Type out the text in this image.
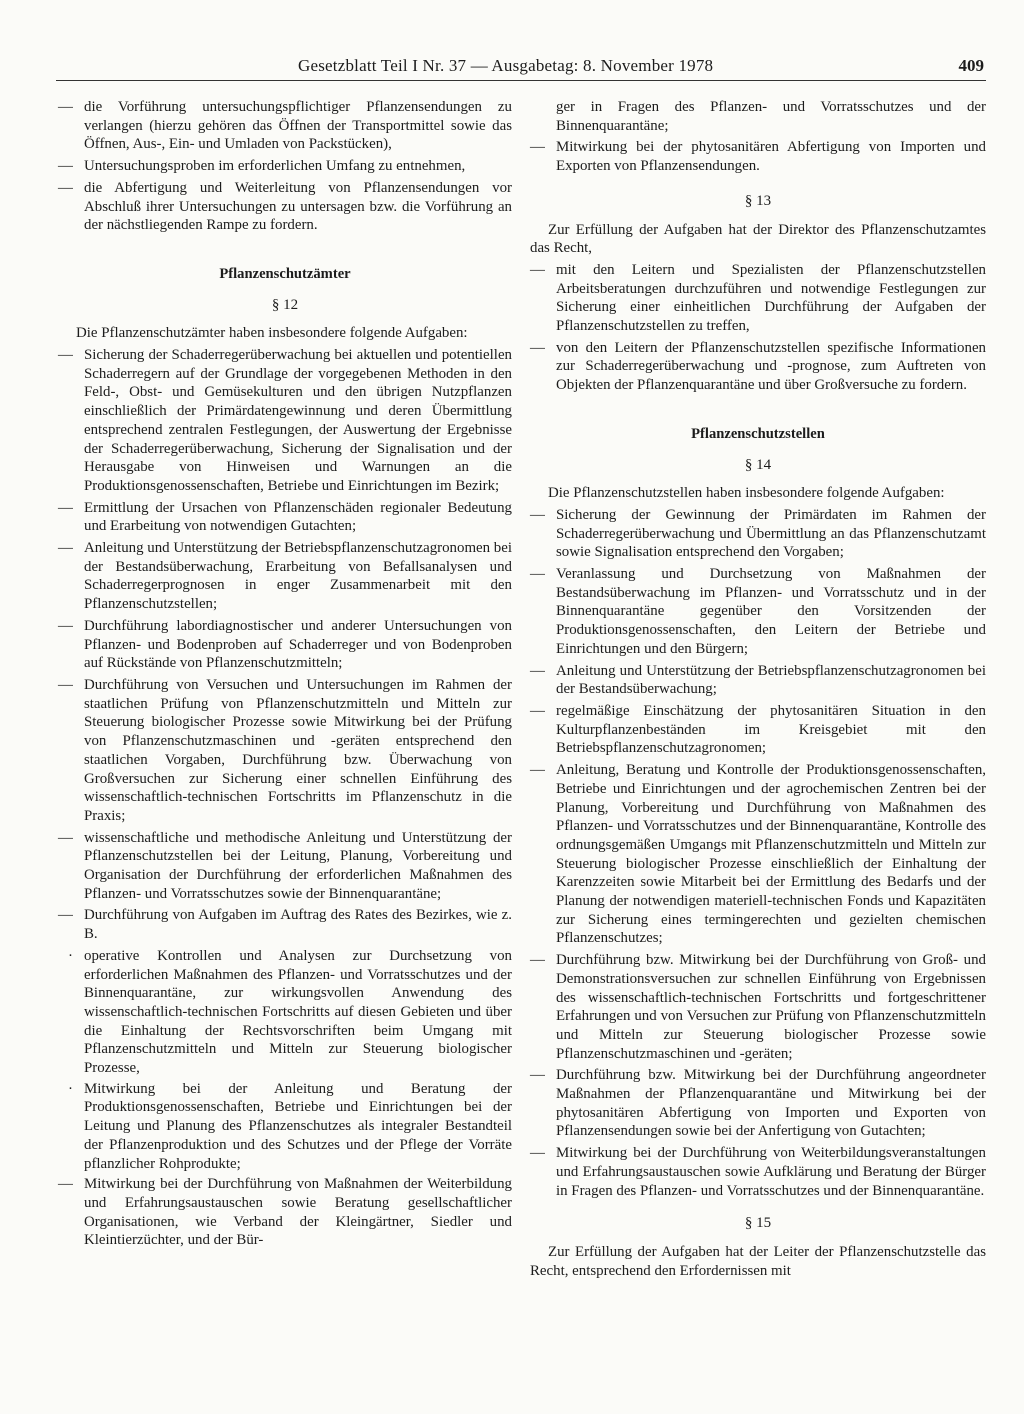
Gesetzblatt Teil I Nr. 37 — Ausgabetag: 8. November 1978	409
— die Vorführung untersuchungspflichtiger Pflanzensendungen zu verlangen (hierzu gehören das Öffnen der Transportmittel sowie das Öffnen, Aus-, Ein- und Umladen von Packstücken),
— Untersuchungsproben im erforderlichen Umfang zu entnehmen,
— die Abfertigung und Weiterleitung von Pflanzensendungen vor Abschluß ihrer Untersuchungen zu untersagen bzw. die Vorführung an der nächstliegenden Rampe zu fordern.
Pflanzenschutzämter
§ 12
Die Pflanzenschutzämter haben insbesondere folgende Aufgaben:
— Sicherung der Schaderregerüberwachung bei aktuellen und potentiellen Schaderregern auf der Grundlage der vorgegebenen Methoden in den Feld-, Obst- und Gemüsekulturen und den übrigen Nutzpflanzen einschließlich der Primärdatengewinnung und deren Übermittlung entsprechend zentralen Festlegungen, der Auswertung der Ergebnisse der Schaderregerüberwachung, Sicherung der Signalisation und der Herausgabe von Hinweisen und Warnungen an die Produktionsgenossenschaften, Betriebe und Einrichtungen im Bezirk;
— Ermittlung der Ursachen von Pflanzenschäden regionaler Bedeutung und Erarbeitung von notwendigen Gutachten;
— Anleitung und Unterstützung der Betriebspflanzenschutzagronomen bei der Bestandsüberwachung, Erarbeitung von Befallsanalysen und Schaderregerprognosen in enger Zusammenarbeit mit den Pflanzenschutzstellen;
— Durchführung labordiagnostischer und anderer Untersuchungen von Pflanzen- und Bodenproben auf Schaderreger und von Bodenproben auf Rückstände von Pflanzenschutzmitteln;
— Durchführung von Versuchen und Untersuchungen im Rahmen der staatlichen Prüfung von Pflanzenschutzmitteln und Mitteln zur Steuerung biologischer Prozesse sowie Mitwirkung bei der Prüfung von Pflanzenschutzmaschinen und -geräten entsprechend den staatlichen Vorgaben, Durchführung bzw. Überwachung von Großversuchen zur Sicherung einer schnellen Einführung des wissenschaftlich-technischen Fortschritts im Pflanzenschutz in die Praxis;
— wissenschaftliche und methodische Anleitung und Unterstützung der Pflanzenschutzstellen bei der Leitung, Planung, Vorbereitung und Organisation der Durchführung der erforderlichen Maßnahmen des Pflanzen- und Vorratsschutzes sowie der Binnenquarantäne;
— Durchführung von Aufgaben im Auftrag des Rates des Bezirkes, wie z. B.
· operative Kontrollen und Analysen zur Durchsetzung von erforderlichen Maßnahmen des Pflanzen- und Vorratsschutzes und der Binnenquarantäne, zur wirkungsvollen Anwendung des wissenschaftlich-technischen Fortschritts auf diesen Gebieten und über die Einhaltung der Rechtsvorschriften beim Umgang mit Pflanzenschutzmitteln und Mitteln zur Steuerung biologischer Prozesse,
· Mitwirkung bei der Anleitung und Beratung der Produktionsgenossenschaften, Betriebe und Einrichtungen bei der Leitung und Planung des Pflanzenschutzes als integraler Bestandteil der Pflanzenproduktion und des Schutzes und der Pflege der Vorräte pflanzlicher Rohprodukte;
— Mitwirkung bei der Durchführung von Maßnahmen der Weiterbildung und Erfahrungsaustauschen sowie Beratung gesellschaftlicher Organisationen, wie Verband der Kleingärtner, Siedler und Kleintierzüchter, und der Bür-
ger in Fragen des Pflanzen- und Vorratsschutzes und der Binnenquarantäne;
— Mitwirkung bei der phytosanitären Abfertigung von Importen und Exporten von Pflanzensendungen.
§ 13
Zur Erfüllung der Aufgaben hat der Direktor des Pflanzenschutzamtes das Recht,
— mit den Leitern und Spezialisten der Pflanzenschutzstellen Arbeitsberatungen durchzuführen und notwendige Festlegungen zur Sicherung einer einheitlichen Durchführung der Aufgaben der Pflanzenschutzstellen zu treffen,
— von den Leitern der Pflanzenschutzstellen spezifische Informationen zur Schaderregerüberwachung und -prognose, zum Auftreten von Objekten der Pflanzenquarantäne und über Großversuche zu fordern.
Pflanzenschutzstellen
§ 14
Die Pflanzenschutzstellen haben insbesondere folgende Aufgaben:
— Sicherung der Gewinnung der Primärdaten im Rahmen der Schaderregerüberwachung und Übermittlung an das Pflanzenschutzamt sowie Signalisation entsprechend den Vorgaben;
— Veranlassung und Durchsetzung von Maßnahmen der Bestandsüberwachung im Pflanzen- und Vorratsschutz und in der Binnenquarantäne gegenüber den Vorsitzenden der Produktionsgenossenschaften, den Leitern der Betriebe und Einrichtungen und den Bürgern;
— Anleitung und Unterstützung der Betriebspflanzenschutzagronomen bei der Bestandsüberwachung;
— regelmäßige Einschätzung der phytosanitären Situation in den Kulturpflanzenbeständen im Kreisgebiet mit den Betriebspflanzenschutzagronomen;
— Anleitung, Beratung und Kontrolle der Produktionsgenossenschaften, Betriebe und Einrichtungen und der agrochemischen Zentren bei der Planung, Vorbereitung und Durchführung von Maßnahmen des Pflanzen- und Vorratsschutzes und der Binnenquarantäne, Kontrolle des ordnungsgemäßen Umgangs mit Pflanzenschutzmitteln und Mitteln zur Steuerung biologischer Prozesse einschließlich der Einhaltung der Karenzzeiten sowie Mitarbeit bei der Ermittlung des Bedarfs und der Planung der notwendigen materiell-technischen Fonds und Kapazitäten zur Sicherung eines termingerechten und gezielten chemischen Pflanzenschutzes;
— Durchführung bzw. Mitwirkung bei der Durchführung von Groß- und Demonstrationsversuchen zur schnellen Einführung von Ergebnissen des wissenschaftlich-technischen Fortschritts und fortgeschrittener Erfahrungen und von Versuchen zur Prüfung von Pflanzenschutzmitteln und Mitteln zur Steuerung biologischer Prozesse sowie Pflanzenschutzmaschinen und -geräten;
— Durchführung bzw. Mitwirkung bei der Durchführung angeordneter Maßnahmen der Pflanzenquarantäne und Mitwirkung bei der phytosanitären Abfertigung von Importen und Exporten von Pflanzensendungen sowie bei der Anfertigung von Gutachten;
— Mitwirkung bei der Durchführung von Weiterbildungsveranstaltungen und Erfahrungsaustauschen sowie Aufklärung und Beratung der Bürger in Fragen des Pflanzen- und Vorratsschutzes und der Binnenquarantäne.
§ 15
Zur Erfüllung der Aufgaben hat der Leiter der Pflanzenschutzstelle das Recht, entsprechend den Erfordernissen mit
